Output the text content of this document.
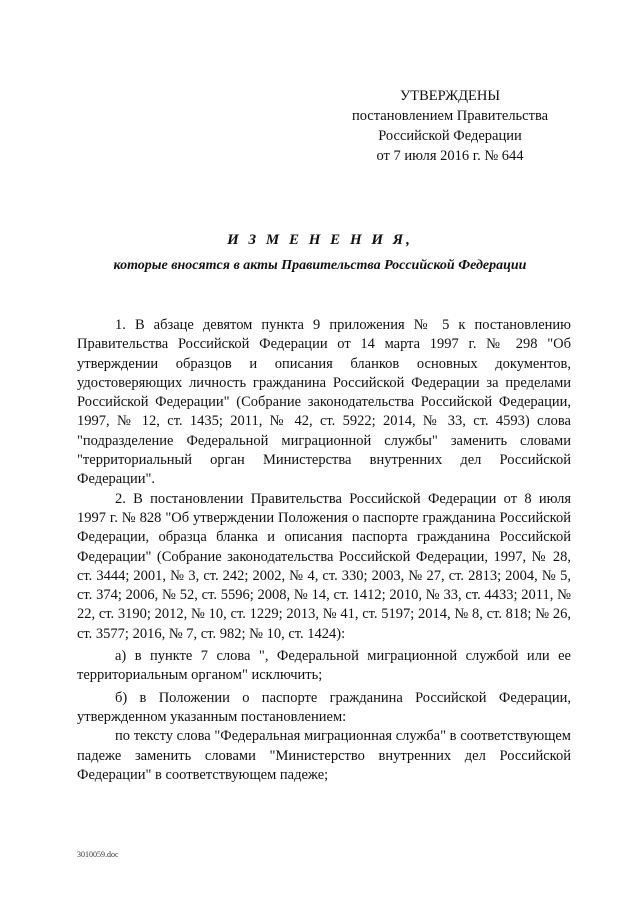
УТВЕРЖДЕНЫ
постановлением Правительства
Российской Федерации
от 7 июля 2016 г. № 644
И З М Е Н Е Н И Я,
которые вносятся в акты Правительства Российской Федерации

1. В абзаце девятом пункта 9 приложения № 5 к постановлению Правительства Российской Федерации от 14 марта 1997 г. № 298 "Об утверждении образцов и описания бланков основных документов, удостоверяющих личность гражданина Российской Федерации за пределами Российской Федерации" (Собрание законодательства Российской Федерации, 1997, № 12, ст. 1435; 2011, № 42, ст. 5922; 2014, № 33, ст. 4593) слова "подразделение Федеральной миграционной службы" заменить словами "территориальный орган Министерства внутренних дел Российской Федерации".

2. В постановлении Правительства Российской Федерации от 8 июля 1997 г. № 828 "Об утверждении Положения о паспорте гражданина Российской Федерации, образца бланка и описания паспорта гражданина Российской Федерации" (Собрание законодательства Российской Федерации, 1997, № 28, ст. 3444; 2001, № 3, ст. 242; 2002, № 4, ст. 330; 2003, № 27, ст. 2813; 2004, № 5, ст. 374; 2006, № 52, ст. 5596; 2008, № 14, ст. 1412; 2010, № 33, ст. 4433; 2011, № 22, ст. 3190; 2012, № 10, ст. 1229; 2013, № 41, ст. 5197; 2014, № 8, ст. 818; № 26, ст. 3577; 2016, № 7, ст. 982; № 10, ст. 1424):

а) в пункте 7 слова ", Федеральной миграционной службой или ее территориальным органом" исключить;

б) в Положении о паспорте гражданина Российской Федерации, утвержденном указанным постановлением:

по тексту слова "Федеральная миграционная служба" в соответствующем падеже заменить словами "Министерство внутренних дел Российской Федерации" в соответствующем падеже;

3010059.doc
